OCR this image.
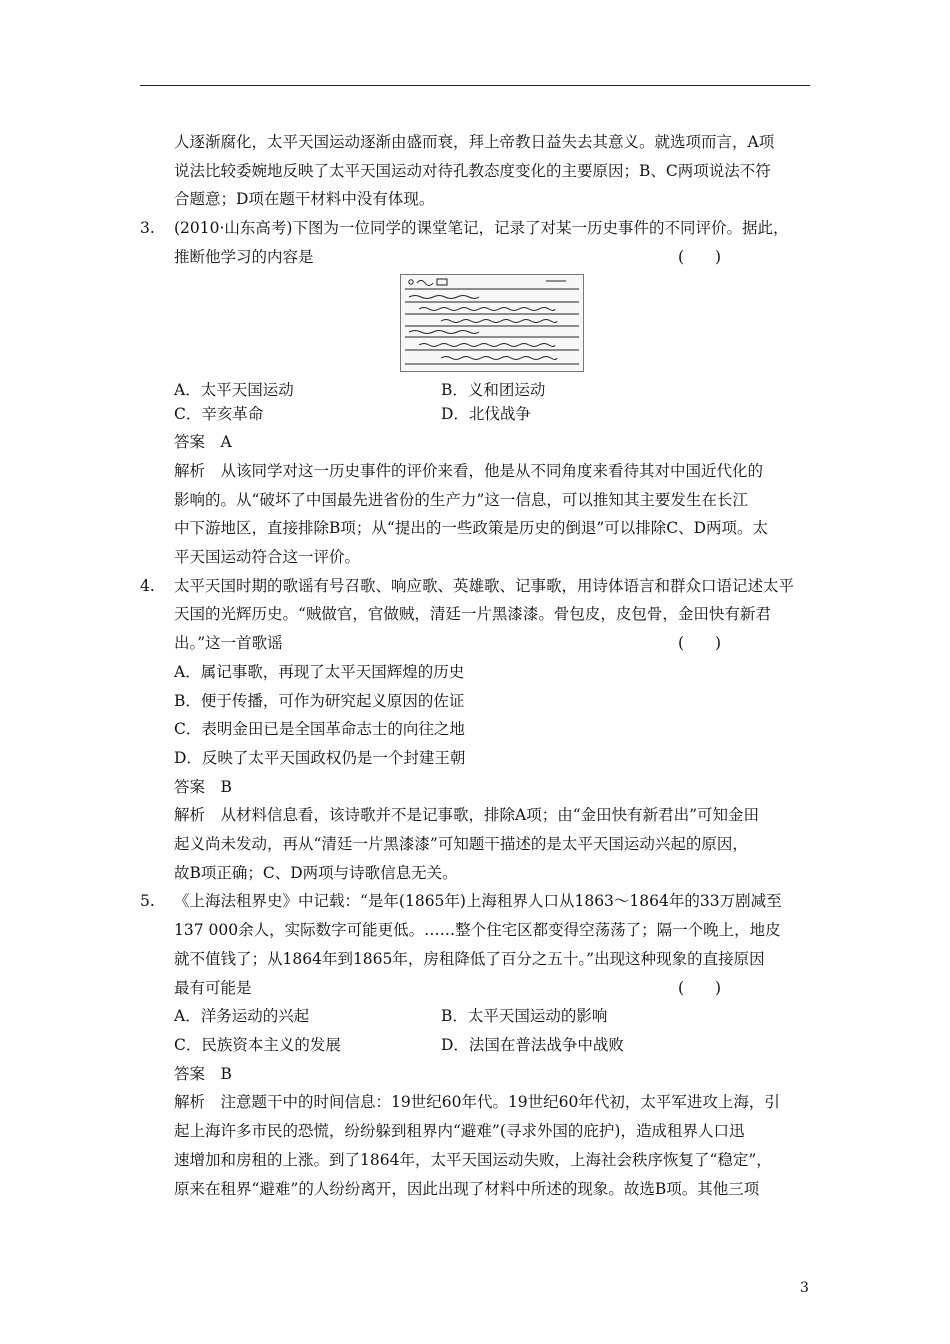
人逐渐腐化，太平天国运动逐渐由盛而衰，拜上帝教日益失去其意义。就选项而言，A项

说法比较委婉地反映了太平天国运动对待孔教态度变化的主要原因；B、C两项说法不符

合题意；D项在题干材料中没有体现。

3. (2010·山东高考)下图为一位同学的课堂笔记，记录了对某一历史事件的不同评价。据此，

推断他学习的内容是	(　　)

A．太平天国运动	B．义和团运动
C．辛亥革命	D．北伐战争

答案　A

解析　从该同学对这一历史事件的评价来看，他是从不同角度来看待其对中国近代化的

影响的。从“破坏了中国最先进省份的生产力”这一信息，可以推知其主要发生在长江

中下游地区，直接排除B项；从“提出的一些政策是历史的倒退”可以排除C、D两项。太

平天国运动符合这一评价。

4. 太平天国时期的歌谣有号召歌、响应歌、英雄歌、记事歌，用诗体语言和群众口语记述太平

天国的光辉历史。“贼做官，官做贼，清廷一片黑漆漆。骨包皮，皮包骨，金田快有新君

出。”这一首歌谣	(　　)

A．属记事歌，再现了太平天国辉煌的历史

B．便于传播，可作为研究起义原因的佐证

C．表明金田已是全国革命志士的向往之地

D．反映了太平天国政权仍是一个封建王朝

答案　B

解析　从材料信息看，该诗歌并不是记事歌，排除A项；由“金田快有新君出”可知金田

起义尚未发动，再从“清廷一片黑漆漆”可知题干描述的是太平天国运动兴起的原因，

故B项正确；C、D两项与诗歌信息无关。

5. 《上海法租界史》中记载：“是年(1865年)上海租界人口从1863～1864年的33万剧减至

137 000余人，实际数字可能更低。……整个住宅区都变得空荡荡了；隔一个晚上，地皮

就不值钱了；从1864年到1865年，房租降低了百分之五十。”出现这种现象的直接原因

最有可能是	(　　)

A．洋务运动的兴起	B．太平天国运动的影响
C．民族资本主义的发展	D．法国在普法战争中战败

答案　B

解析　注意题干中的时间信息：19世纪60年代。19世纪60年代初，太平军进攻上海，引

起上海许多市民的恐慌，纷纷躲到租界内“避难”(寻求外国的庇护)，造成租界人口迅

速增加和房租的上涨。到了1864年，太平天国运动失败，上海社会秩序恢复了“稳定”，

原来在租界“避难”的人纷纷离开，因此出现了材料中所述的现象。故选B项。其他三项

3
